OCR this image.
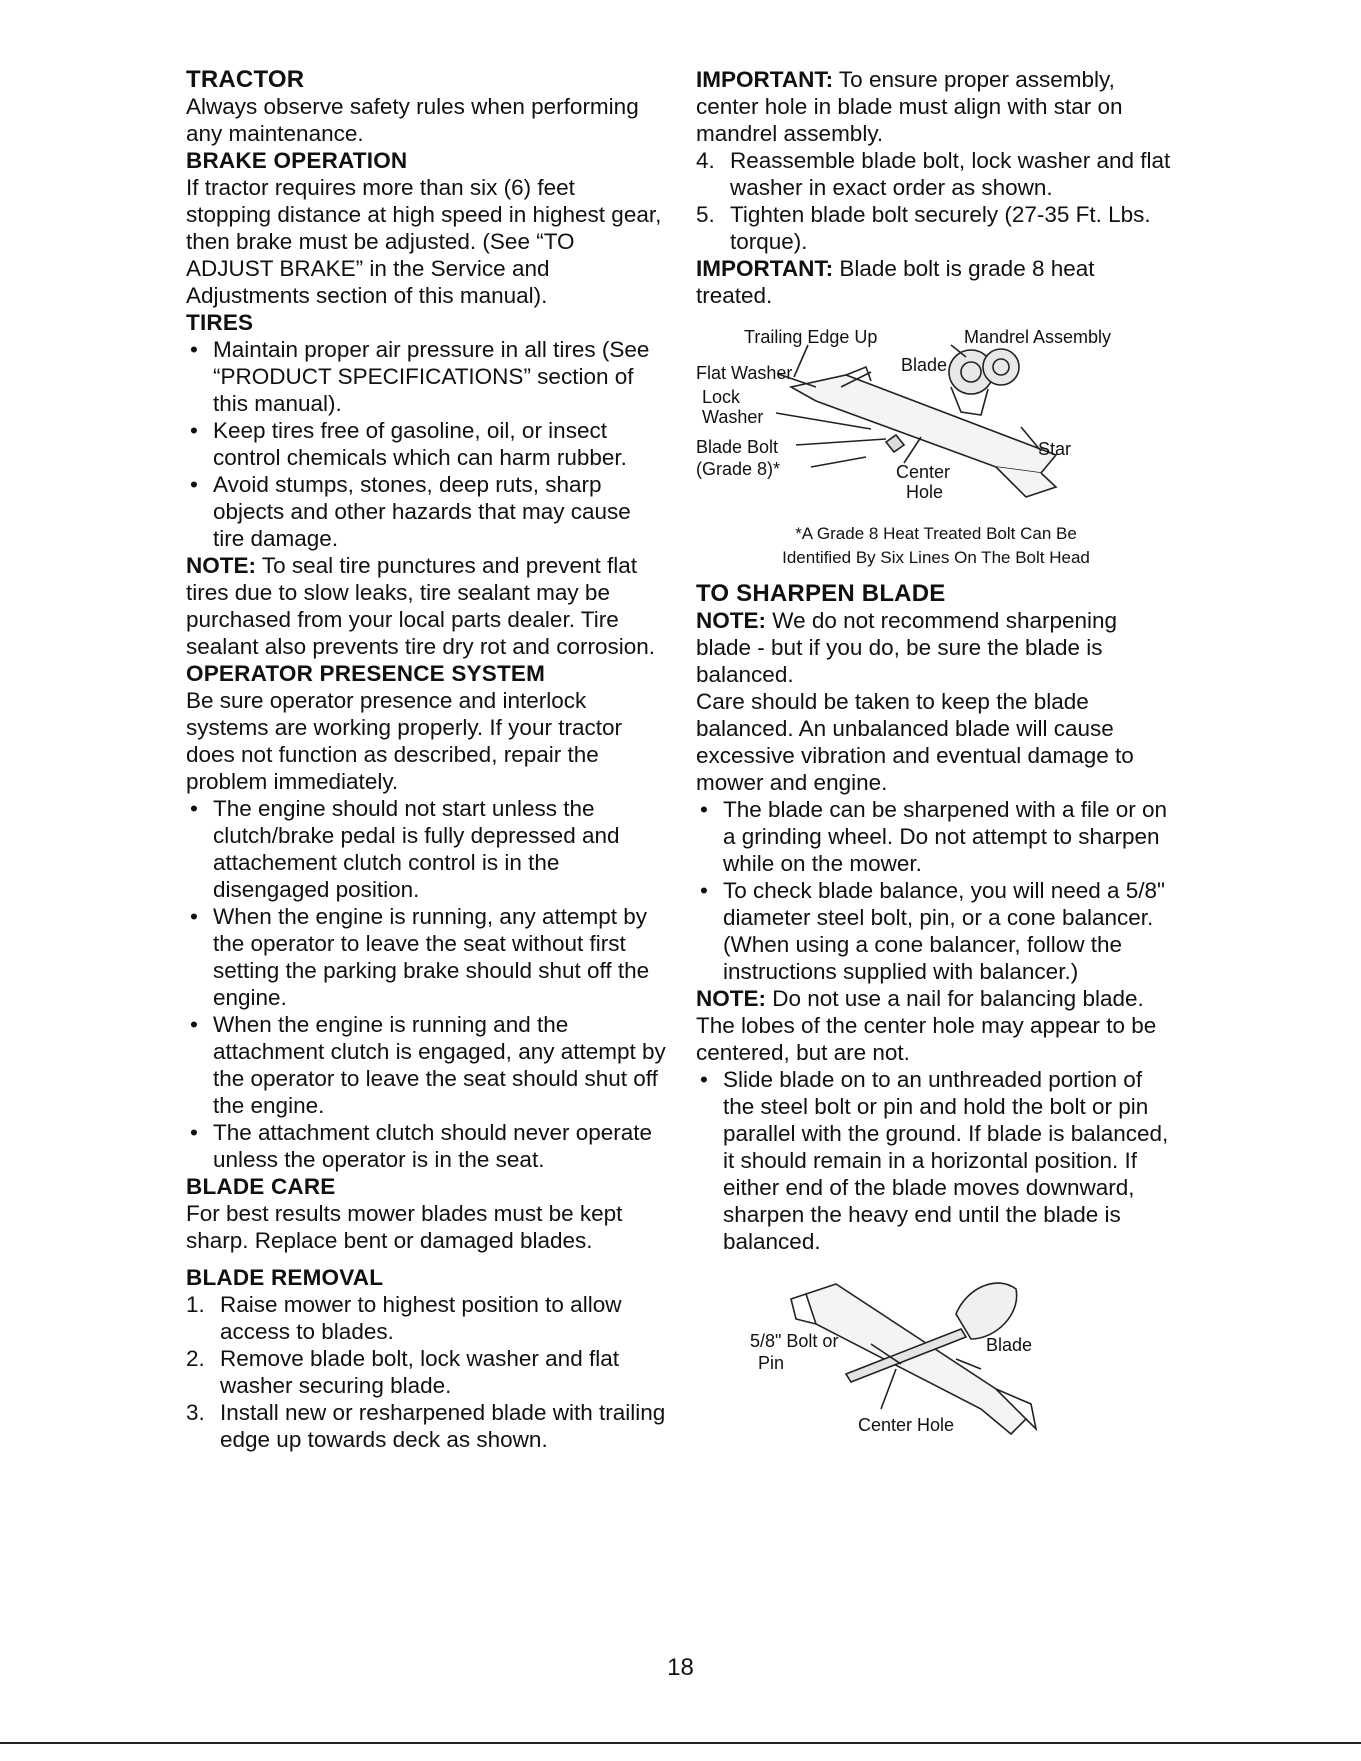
TRACTOR

Always observe safety rules when performing any maintenance.

BRAKE OPERATION

If tractor requires more than six (6) feet stopping distance at high speed in highest gear, then brake must be adjusted. (See “TO ADJUST BRAKE” in the Service and Adjustments section of this manual).

TIRES
• Maintain proper air pressure in all tires (See “PRODUCT SPECIFICATIONS” section of this manual).
• Keep tires free of gasoline, oil, or insect control chemicals which can harm rubber.
• Avoid stumps, stones, deep ruts, sharp objects and other hazards that may cause tire damage.

NOTE: To seal tire punctures and prevent flat tires due to slow leaks, tire sealant may be purchased from your local parts dealer. Tire sealant also prevents tire dry rot and corrosion.

OPERATOR PRESENCE SYSTEM

Be sure operator presence and interlock systems are working properly. If your tractor does not function as described, repair the problem immediately.

• The engine should not start unless the clutch/brake pedal is fully depressed and attachement clutch control is in the disengaged position.
• When the engine is running, any attempt by the operator to leave the seat without first setting the parking brake should shut off the engine.
• When the engine is running and the attachment clutch is engaged, any attempt by the operator to leave the seat should shut off the engine.
• The attachment clutch should never operate unless the operator is in the seat.
BLADE CARE

For best results mower blades must be kept sharp. Replace bent or damaged blades.

BLADE REMOVAL
1. Raise mower to highest position to allow access to blades.
2. Remove blade bolt, lock washer and flat washer securing blade.
3. Install new or resharpened blade with trailing edge up towards deck as shown.

IMPORTANT: To ensure proper assembly, center hole in blade must align with star on mandrel assembly.

4. Reassemble blade bolt, lock washer and flat washer in exact order as shown.
5. Tighten blade bolt securely (27-35 Ft. Lbs. torque).

IMPORTANT: Blade bolt is grade 8 heat treated.

Trailing Edge Up	Mandrel Assembly
Flat Washer	Blade
Lock
Washer
Blade Bolt
(Grade 8)*	Center
Hole
Star
*A Grade 8 Heat Treated Bolt Can Be
Identified By Six Lines On The Bolt Head
TO SHARPEN BLADE

NOTE: We do not recommend sharpening blade - but if you do, be sure the blade is balanced.

Care should be taken to keep the blade balanced. An unbalanced blade will cause excessive vibration and eventual damage to mower and engine.

• The blade can be sharpened with a file or on a grinding wheel. Do not attempt to sharpen while on the mower.
• To check blade balance, you will need a 5/8" diameter steel bolt, pin, or a cone balancer. (When using a cone balancer, follow the instructions supplied with balancer.)

NOTE: Do not use a nail for balancing blade. The lobes of the center hole may appear to be centered, but are not.

• Slide blade on to an unthreaded portion of the steel bolt or pin and hold the bolt or pin parallel with the ground. If blade is balanced, it should remain in a horizontal position. If either end of the blade moves downward, sharpen the heavy end until the blade is balanced.
5/8" Bolt or
Pin
Blade
Center Hole
18
